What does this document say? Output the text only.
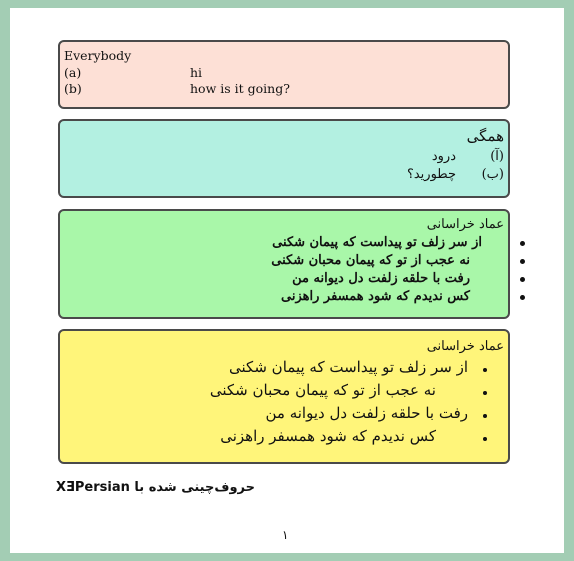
Everybody
(a)	hi
(b)	how is it going?
همگی
(آ)
درود
(ب)
چطورید؟
عماد خراسانی
از سر زلف تو پیداست که پیمان شکنی
نه عجب از تو که پیمان محبان شکنی
رفت با حلقه زلفت دل دیوانه من
کس ندیدم که شود همسفر راهزنی
عماد خراسانی
از سر زلف تو پیداست که پیمان شکنی
نه عجب از تو که پیمان محبان شکنی
رفت با حلقه زلفت دل دیوانه من
کس ندیدم که شود همسفر راهزنی
XƎPersian حروف‌چینی شده با
۱
